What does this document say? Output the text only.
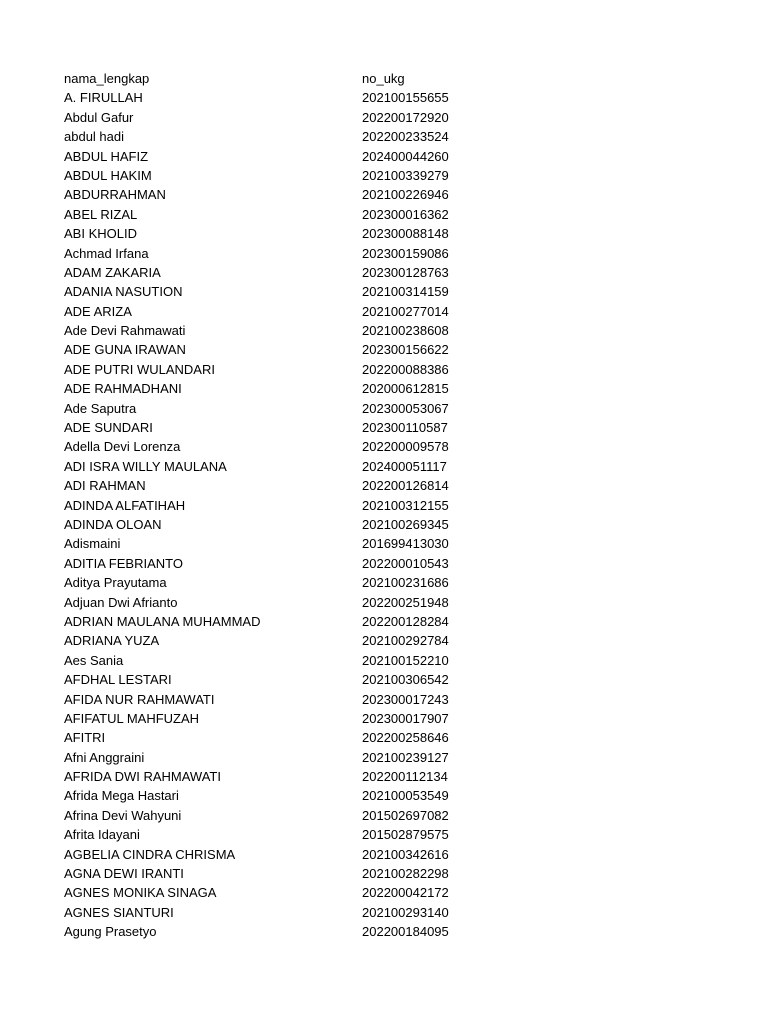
nama_lengkap	no_ukg
A. FIRULLAH	202100155655
Abdul Gafur	202200172920
abdul hadi	202200233524
ABDUL HAFIZ	202400044260
ABDUL HAKIM	202100339279
ABDURRAHMAN	202100226946
ABEL RIZAL	202300016362
ABI KHOLID	202300088148
Achmad Irfana	202300159086
ADAM ZAKARIA	202300128763
ADANIA NASUTION	202100314159
ADE ARIZA	202100277014
Ade Devi Rahmawati	202100238608
ADE GUNA IRAWAN	202300156622
ADE PUTRI WULANDARI	202200088386
ADE RAHMADHANI	202000612815
Ade Saputra	202300053067
ADE SUNDARI	202300110587
Adella Devi Lorenza	202200009578
ADI ISRA WILLY MAULANA	202400051117
ADI RAHMAN	202200126814
ADINDA ALFATIHAH	202100312155
ADINDA OLOAN	202100269345
Adismaini	201699413030
ADITIA FEBRIANTO	202200010543
Aditya Prayutama	202100231686
Adjuan Dwi Afrianto	202200251948
ADRIAN MAULANA MUHAMMAD	202200128284
ADRIANA YUZA	202100292784
Aes Sania	202100152210
AFDHAL LESTARI	202100306542
AFIDA NUR RAHMAWATI	202300017243
AFIFATUL MAHFUZAH	202300017907
AFITRI	202200258646
Afni Anggraini	202100239127
AFRIDA DWI RAHMAWATI	202200112134
Afrida Mega Hastari	202100053549
Afrina Devi Wahyuni	201502697082
Afrita Idayani	201502879575
AGBELIA CINDRA CHRISMA	202100342616
AGNA DEWI IRANTI	202100282298
AGNES MONIKA SINAGA	202200042172
AGNES SIANTURI	202100293140
Agung Prasetyo	202200184095
